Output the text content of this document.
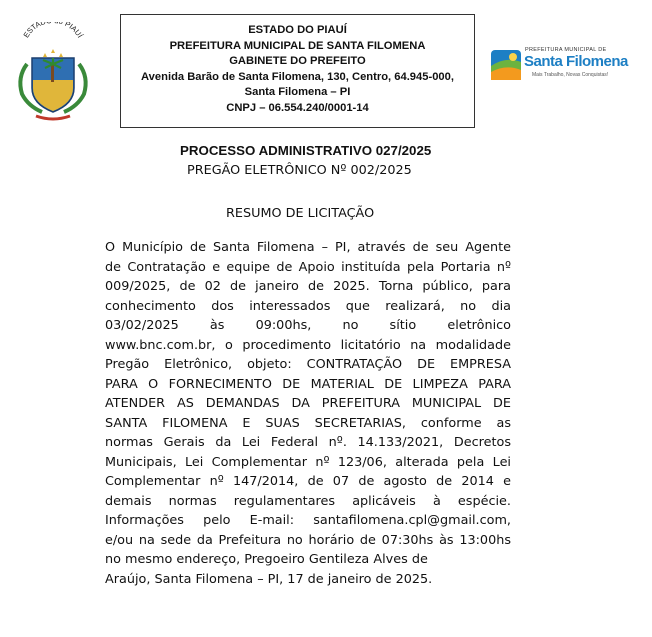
ESTAD PIAUÍ
ESTADO DO PIAUÍ
PREFEITURA MUNICIPAL DE SANTA FILOMENA
GABINETE DO PREFEITO
Avenida Barão de Santa Filomena, 130, Centro, 64.945-000,
Santa Filomena – PI
CNPJ – 06.554.240/0001-14
PREFEITURA MUNICIPAL DE
Santa Filomena
Mais Trabalho, Novas Conquistas!
PROCESSO ADMINISTRATIVO 027/2025
PREGÃO ELETRÔNICO Nº 002/2025
RESUMO DE LICITAÇÃO
O Município de Santa Filomena – PI, através de seu Agente
de Contratação e equipe de Apoio instituída pela Portaria nº
009/2025, de 02 de janeiro de 2025. Torna público, para
conhecimento dos interessados que realizará, no dia
03/02/2025 às 09:00hs, no sítio eletrônico
www.bnc.com.br, o procedimento licitatório na modalidade
Pregão Eletrônico, objeto: CONTRATAÇÃO DE EMPRESA
PARA O FORNECIMENTO DE MATERIAL DE LIMPEZA PARA
ATENDER AS DEMANDAS DA PREFEITURA MUNICIPAL DE
SANTA FILOMENA E SUAS SECRETARIAS, conforme as
normas Gerais da Lei Federal nº. 14.133/2021, Decretos
Municipais, Lei Complementar nº 123/06, alterada pela Lei
Complementar nº 147/2014, de 07 de agosto de 2014 e
demais normas regulamentares aplicáveis à espécie.
Informações pelo E-mail: santafilomena.cpl@gmail.com,
e/ou na sede da Prefeitura no horário de 07:30hs às 13:00hs
no mesmo endereço, Pregoeiro Gentileza Alves de
Araújo, Santa Filomena – PI, 17 de janeiro de 2025.
